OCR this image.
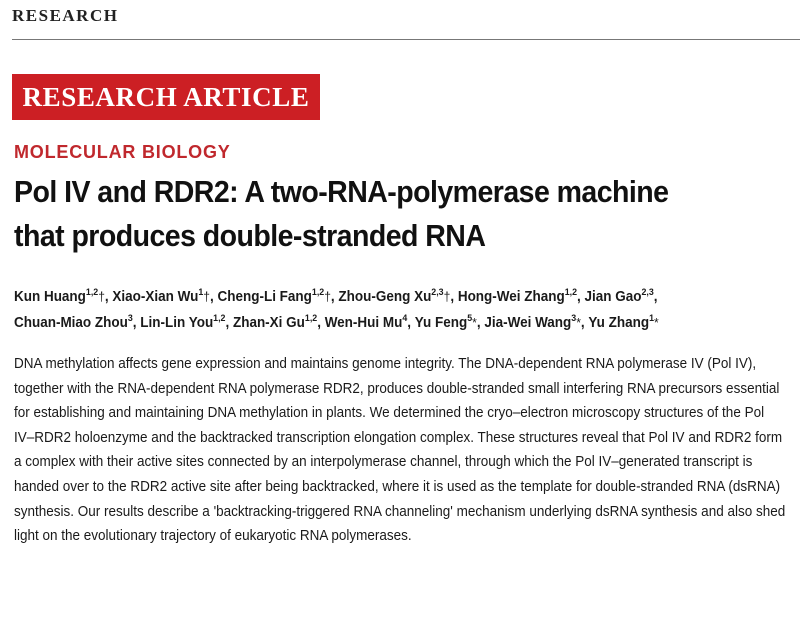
RESEARCH
RESEARCH ARTICLE
MOLECULAR BIOLOGY
Pol IV and RDR2: A two-RNA-polymerase machine
that produces double-stranded RNA
Kun Huang$^{1,2}$†, Xiao-Xian Wu$^1$†, Cheng-Li Fang$^{1,2}$†, Zhou-Geng Xu$^{2,3}$†, Hong-Wei Zhang$^{1,2}$, Jian Gao$^{2,3}$,
Chuan-Miao Zhou$^3$, Lin-Lin You$^{1,2}$, Zhan-Xi Gu$^{1,2}$, Wen-Hui Mu$^4$, Yu Feng$^5$*, Jia-Wei Wang$^3$*, Yu Zhang$^1$*

DNA methylation affects gene expression and maintains genome integrity. The DNA-dependent RNA polymerase IV (Pol IV), together with the RNA-dependent RNA polymerase RDR2, produces double-stranded small interfering RNA precursors essential for establishing and maintaining DNA methylation in plants. We determined the cryo–electron microscopy structures of the Pol IV–RDR2 holoenzyme and the backtracked transcription elongation complex. These structures reveal that Pol IV and RDR2 form a complex with their active sites connected by an interpolymerase channel, through which the Pol IV–generated transcript is handed over to the RDR2 active site after being backtracked, where it is used as the template for double-stranded RNA (dsRNA) synthesis. Our results describe a 'backtracking-triggered RNA channeling' mechanism underlying dsRNA synthesis and also shed light on the evolutionary trajectory of eukaryotic RNA polymerases.
